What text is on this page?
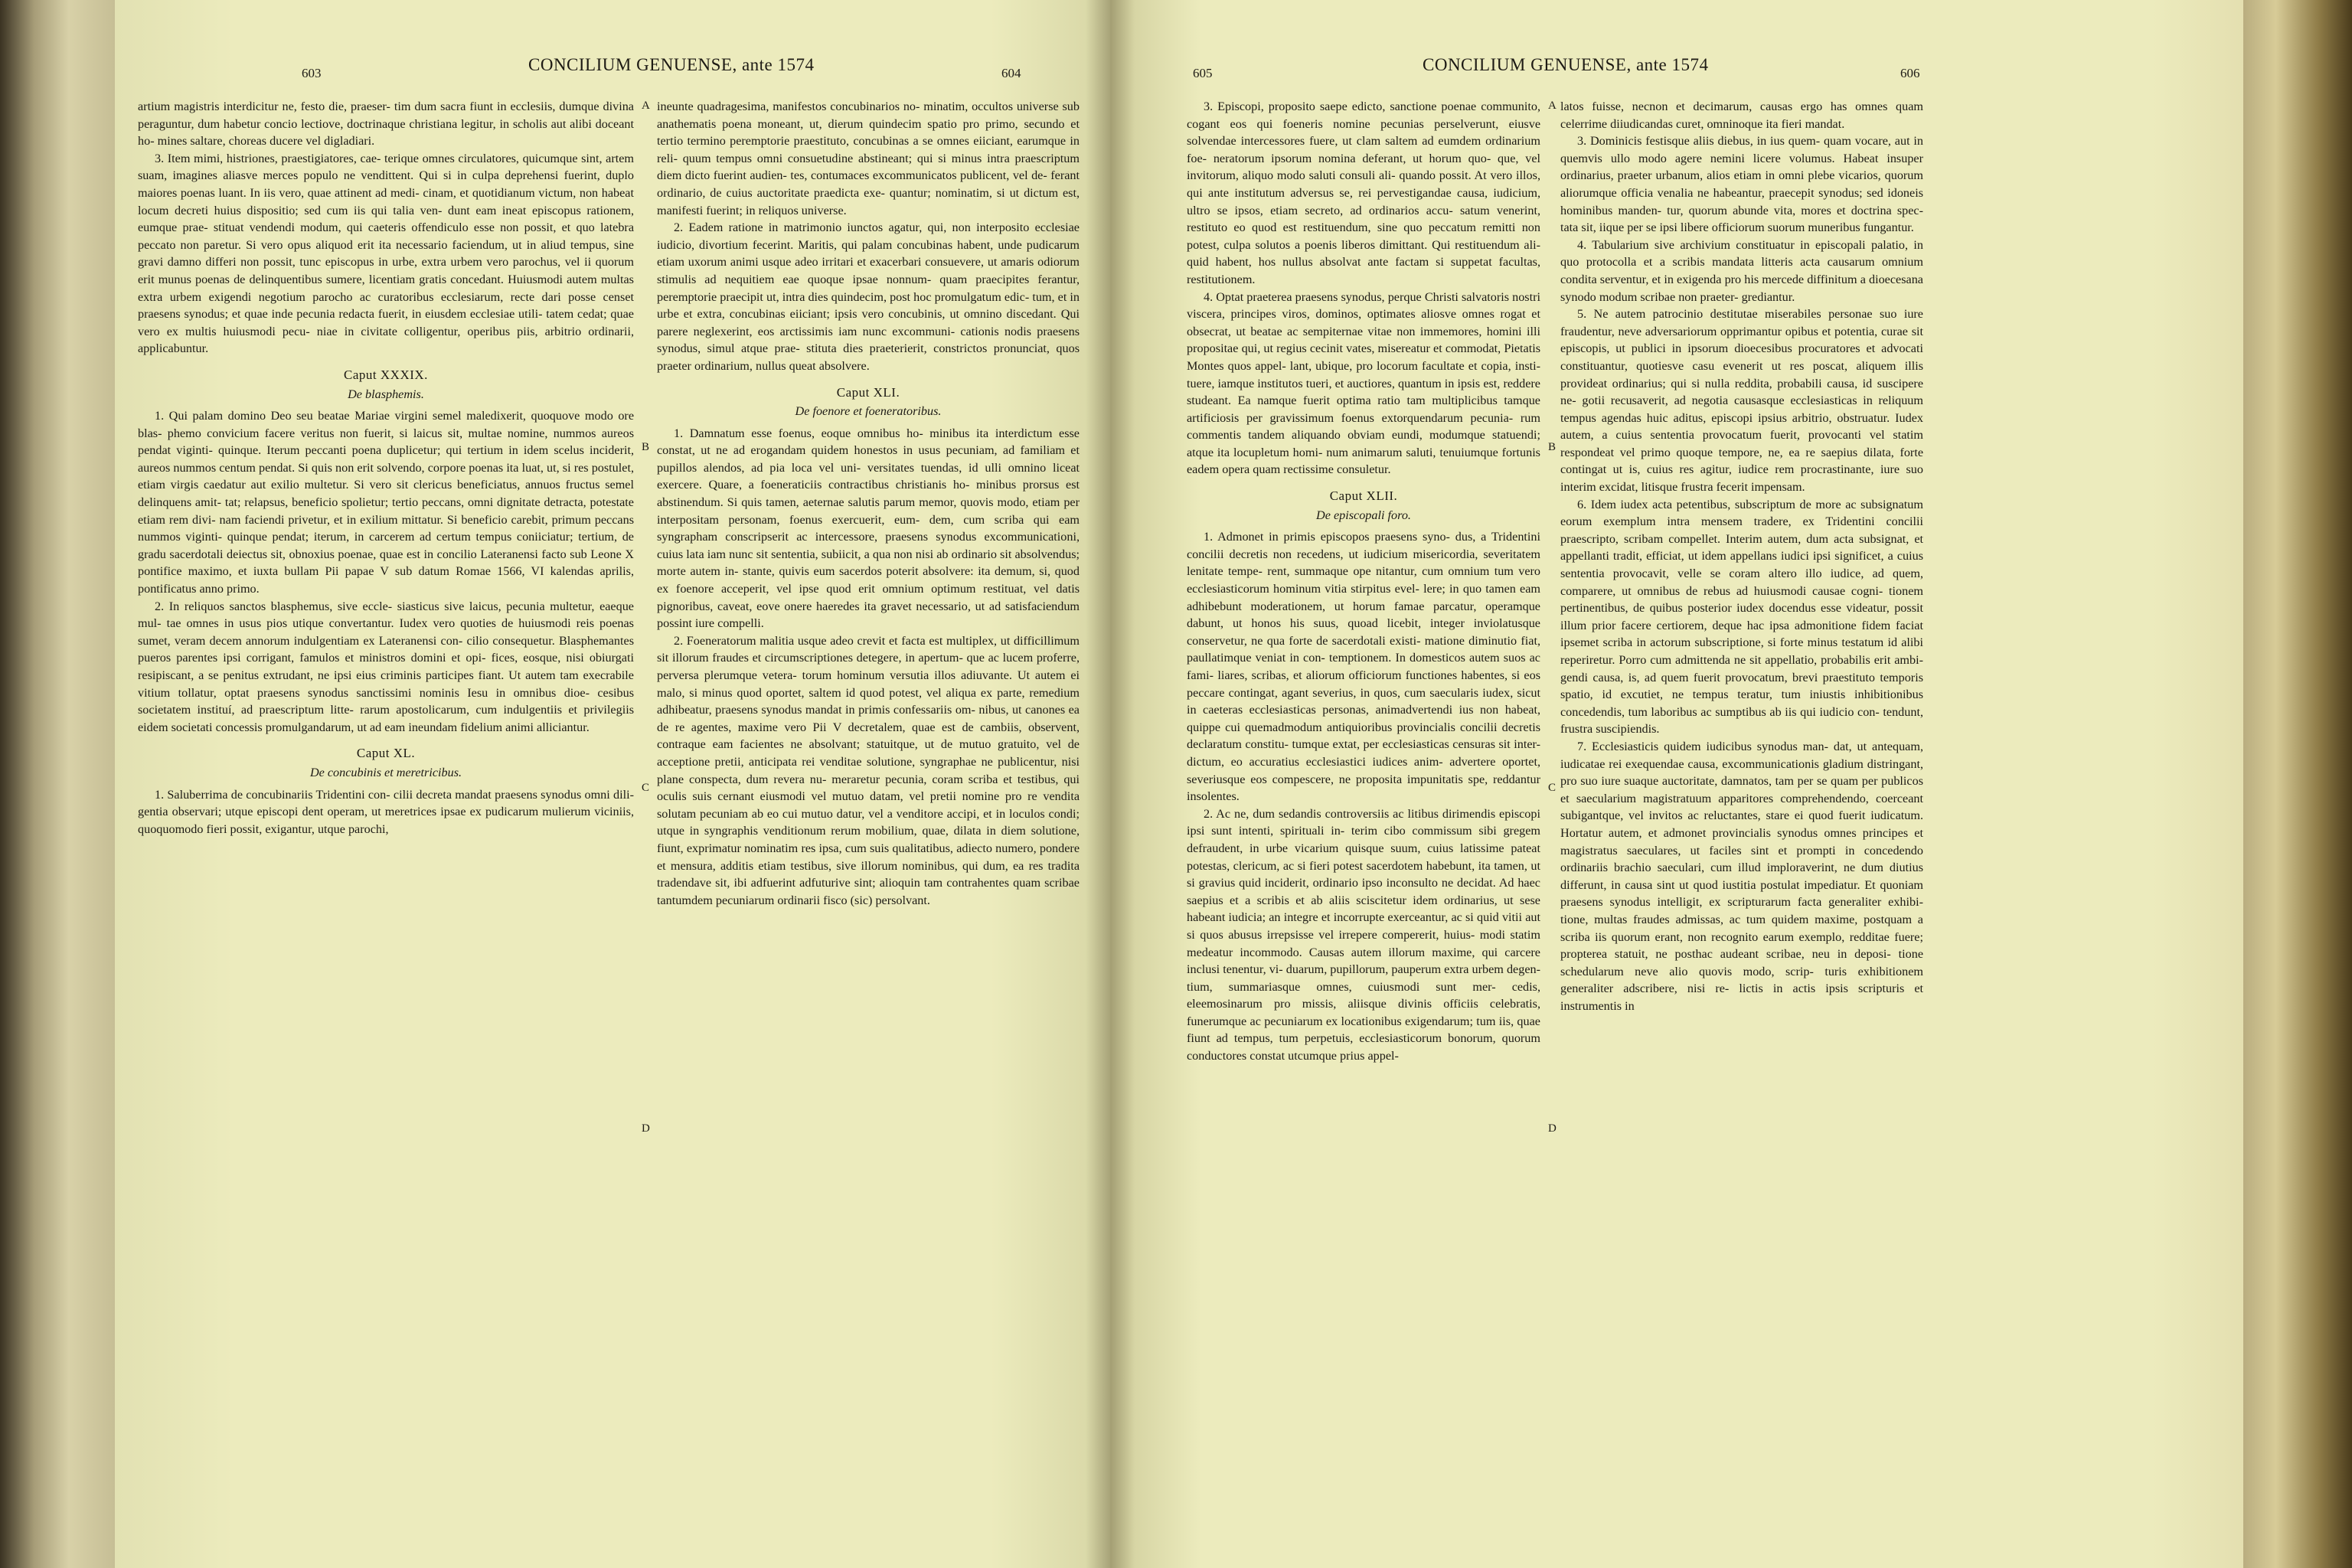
603	CONCILIUM GENUENSE, ante 1574	604
A
B
C
D

artium magistris interdicitur ne, festo die, praeser- tim dum sacra fiunt in ecclesiis, dumque divina peraguntur, dum habetur concio lectiove, doctrinaque christiana legitur, in scholis aut alibi doceant ho- mines saltare, choreas ducere vel digladiari.

3. Item mimi, histriones, praestigiatores, cae- terique omnes circulatores, quicumque sint, artem suam, imagines aliasve merces populo ne vendittent. Qui si in culpa deprehensi fuerint, duplo maiores poenas luant. In iis vero, quae attinent ad medi- cinam, et quotidianum victum, non habeat locum decreti huius dispositio; sed cum iis qui talia ven- dunt eam ineat episcopus rationem, eumque prae- stituat vendendi modum, qui caeteris offendiculo esse non possit, et quo latebra peccato non paretur. Si vero opus aliquod erit ita necessario faciendum, ut in aliud tempus, sine gravi damno differi non possit, tunc episcopus in urbe, extra urbem vero parochus, vel ii quorum erit munus poenas de delinquentibus sumere, licentiam gratis concedant. Huiusmodi autem multas extra urbem exigendi negotium parocho ac curatoribus ecclesiarum, recte dari posse censet praesens synodus; et quae inde pecunia redacta fuerit, in eiusdem ecclesiae utili- tatem cedat; quae vero ex multis huiusmodi pecu- niae in civitate colligentur, operibus piis, arbitrio ordinarii, applicabuntur.

Caput XXXIX.
De blasphemis.

1. Qui palam domino Deo seu beatae Mariae virgini semel maledixerit, quoquove modo ore blas- phemo convicium facere veritus non fuerit, si laicus sit, multae nomine, nummos aureos pendat viginti- quinque. Iterum peccanti poena duplicetur; qui tertium in idem scelus inciderit, aureos nummos centum pendat. Si quis non erit solvendo, corpore poenas ita luat, ut, si res postulet, etiam virgis caedatur aut exilio multetur. Si vero sit clericus beneficiatus, annuos fructus semel delinquens amit- tat; relapsus, beneficio spolietur; tertio peccans, omni dignitate detracta, potestate etiam rem divi- nam faciendi privetur, et in exilium mittatur. Si beneficio carebit, primum peccans nummos viginti- quinque pendat; iterum, in carcerem ad certum tempus coniiciatur; tertium, de gradu sacerdotali deiectus sit, obnoxius poenae, quae est in concilio Lateranensi facto sub Leone X pontifice maximo, et iuxta bullam Pii papae V sub datum Romae 1566, VI kalendas aprilis, pontificatus anno primo.

2. In reliquos sanctos blasphemus, sive eccle- siasticus sive laicus, pecunia multetur, eaeque mul- tae omnes in usus pios utique convertantur. Iudex vero quoties de huiusmodi reis poenas sumet, veram decem annorum indulgentiam ex Lateranensi con- cilio consequetur. Blasphemantes pueros parentes ipsi corrigant, famulos et ministros domini et opi- fices, eosque, nisi obiurgati resipiscant, a se penitus extrudant, ne ipsi eius criminis participes fiant. Ut autem tam execrabile vitium tollatur, optat praesens synodus sanctissimi nominis Iesu in omnibus dioe- cesibus societatem instituí, ad praescriptum litte- rarum apostolicarum, cum indulgentiis et privilegiis eidem societati concessis promulgandarum, ut ad eam ineundam fidelium animi alliciantur.

Caput XL.
De concubinis et meretricibus.

1. Saluberrima de concubinariis Tridentini con- cilii decreta mandat praesens synodus omni dili- gentia observari; utque episcopi dent operam, ut meretrices ipsae ex pudicarum mulierum viciniis, quoquomodo fieri possit, exigantur, utque parochi,

ineunte quadragesima, manifestos concubinarios no- minatim, occultos universe sub anathematis poena moneant, ut, dierum quindecim spatio pro primo, secundo et tertio termino peremptorie praestituto, concubinas a se omnes eiiciant, earumque in reli- quum tempus omni consuetudine abstineant; qui si minus intra praescriptum diem dicto fuerint audien- tes, contumaces excommunicatos publicent, vel de- ferant ordinario, de cuius auctoritate praedicta exe- quantur; nominatim, si ut dictum est, manifesti fuerint; in reliquos universe.

2. Eadem ratione in matrimonio iunctos agatur, qui, non interposito ecclesiae iudicio, divortium fecerint. Maritis, qui palam concubinas habent, unde pudicarum etiam uxorum animi usque adeo irritari et exacerbari consuevere, ut amaris odiorum stimulis ad nequitiem eae quoque ipsae nonnum- quam praecipites ferantur, peremptorie praecipit ut, intra dies quindecim, post hoc promulgatum edic- tum, et in urbe et extra, concubinas eiiciant; ipsis vero concubinis, ut omnino discedant. Qui parere neglexerint, eos arctissimis iam nunc excommuni- cationis nodis praesens synodus, simul atque prae- stituta dies praeterierit, constrictos pronunciat, quos praeter ordinarium, nullus queat absolvere.

Caput XLI.
De foenore et foeneratoribus.

1. Damnatum esse foenus, eoque omnibus ho- minibus ita interdictum esse constat, ut ne ad erogandam quidem honestos in usus pecuniam, ad familiam et pupillos alendos, ad pia loca vel uni- versitates tuendas, id ulli omnino liceat exercere. Quare, a foeneraticiis contractibus christianis ho- minibus prorsus est abstinendum. Si quis tamen, aeternae salutis parum memor, quovis modo, etiam per interpositam personam, foenus exercuerit, eum- dem, cum scriba qui eam syngrapham conscripserit ac intercessore, praesens synodus excommunicationi, cuius lata iam nunc sit sententia, subiicit, a qua non nisi ab ordinario sit absolvendus; morte autem in- stante, quivis eum sacerdos poterit absolvere: ita demum, si, quod ex foenore acceperit, vel ipse quod erit omnium optimum restituat, vel datis pignoribus, caveat, eove onere haeredes ita gravet necessario, ut ad satisfaciendum possint iure compelli.

2. Foeneratorum malitia usque adeo crevit et facta est multiplex, ut difficillimum sit illorum fraudes et circumscriptiones detegere, in apertum- que ac lucem proferre, perversa plerumque vetera- torum hominum versutia illos adiuvante. Ut autem ei malo, si minus quod oportet, saltem id quod potest, vel aliqua ex parte, remedium adhibeatur, praesens synodus mandat in primis confessariis om- nibus, ut canones ea de re agentes, maxime vero Pii V decretalem, quae est de cambiis, observent, contraque eam facientes ne absolvant; statuitque, ut de mutuo gratuito, vel de acceptione pretii, anticipata rei venditae solutione, syngraphae ne publicentur, nisi plane conspecta, dum revera nu- meraretur pecunia, coram scriba et testibus, qui oculis suis cernant eiusmodi vel mutuo datam, vel pretii nomine pro re vendita solutam pecuniam ab eo cui mutuo datur, vel a venditore accipi, et in loculos condi; utque in syngraphis venditionum rerum mobilium, quae, dilata in diem solutione, fiunt, exprimatur nominatim res ipsa, cum suis qualitatibus, adiecto numero, pondere et mensura, additis etiam testibus, sive illorum nominibus, qui dum, ea res tradita tradendave sit, ibi adfuerint adfuturive sint; alioquin tam contrahentes quam scribae tantumdem pecuniarum ordinarii fisco (sic) persolvant.

605	CONCILIUM GENUENSE, ante 1574	606
A
B
C
D

3. Episcopi, proposito saepe edicto, sanctione poenae communito, cogant eos qui foeneris nomine pecunias perselverunt, eiusve solvendae intercessores fuere, ut clam saltem ad eumdem ordinarium foe- neratorum ipsorum nomina deferant, ut horum quo- que, vel invitorum, aliquo modo saluti consuli ali- quando possit. At vero illos, qui ante institutum adversus se, rei pervestigandae causa, iudicium, ultro se ipsos, etiam secreto, ad ordinarios accu- satum venerint, restituto eo quod est restituendum, sine quo peccatum remitti non potest, culpa solutos a poenis liberos dimittant. Qui restituendum ali- quid habent, hos nullus absolvat ante factam si suppetat facultas, restitutionem.

4. Optat praeterea praesens synodus, perque Christi salvatoris nostri viscera, principes viros, dominos, optimates aliosve omnes rogat et obsecrat, ut beatae ac sempiternae vitae non immemores, homini illi propositae qui, ut regius cecinit vates, misereatur et commodat, Pietatis Montes quos appel- lant, ubique, pro locorum facultate et copia, insti- tuere, iamque institutos tueri, et auctiores, quantum in ipsis est, reddere studeant. Ea namque fuerit optima ratio tam multiplicibus tamque artificiosis per gravissimum foenus extorquendarum pecunia- rum commentis tandem aliquando obviam eundi, modumque statuendi; atque ita locupletum homi- num animarum saluti, tenuiumque fortunis eadem opera quam rectissime consuletur.

Caput XLII.
De episcopali foro.

1. Admonet in primis episcopos praesens syno- dus, a Tridentini concilii decretis non recedens, ut iudicium misericordia, severitatem lenitate tempe- rent, summaque ope nitantur, cum omnium tum vero ecclesiasticorum hominum vitia stirpitus evel- lere; in quo tamen eam adhibebunt moderationem, ut horum famae parcatur, operamque dabunt, ut honos his suus, quoad licebit, integer inviolatusque conservetur, ne qua forte de sacerdotali existi- matione diminutio fiat, paullatimque veniat in con- temptionem. In domesticos autem suos ac fami- liares, scribas, et aliorum officiorum functiones habentes, si eos peccare contingat, agant severius, in quos, cum saecularis iudex, sicut in caeteras ecclesiasticas personas, animadvertendi ius non habeat, quippe cui quemadmodum antiquioribus provincialis concilii decretis declaratum constitu- tumque extat, per ecclesiasticas censuras sit inter- dictum, eo accuratius ecclesiastici iudices anim- advertere oportet, severiusque eos compescere, ne proposita impunitatis spe, reddantur insolentes.

2. Ac ne, dum sedandis controversiis ac litibus dirimendis episcopi ipsi sunt intenti, spirituali in- terim cibo commissum sibi gregem defraudent, in urbe vicarium quisque suum, cuius latissime pateat potestas, clericum, ac si fieri potest sacerdotem habebunt, ita tamen, ut si gravius quid inciderit, ordinario ipso inconsulto ne decidat. Ad haec saepius et a scribis et ab aliis sciscitetur idem ordinarius, ut sese habeant iudicia; an integre et incorrupte exerceantur, ac si quid vitii aut si quos abusus irrepsisse vel irrepere compererit, huius- modi statim medeatur incommodo. Causas autem illorum maxime, qui carcere inclusi tenentur, vi- duarum, pupillorum, pauperum extra urbem degen- tium, summariasque omnes, cuiusmodi sunt mer- cedis, eleemosinarum pro missis, aliisque divinis officiis celebratis, funerumque ac pecuniarum ex locationibus exigendarum; tum iis, quae fiunt ad tempus, tum perpetuis, ecclesiasticorum bonorum, quorum conductores constat utcumque prius appel-

latos fuisse, necnon et decimarum, causas ergo has omnes quam celerrime diiudicandas curet, omninoque ita fieri mandat.

3. Dominicis festisque aliis diebus, in ius quem- quam vocare, aut in quemvis ullo modo agere nemini licere volumus. Habeat insuper ordinarius, praeter urbanum, alios etiam in omni plebe vicarios, quorum aliorumque officia venalia ne habeantur, praecepit synodus; sed idoneis hominibus manden- tur, quorum abunde vita, mores et doctrina spec- tata sit, iique per se ipsi libere officiorum suorum muneribus fungantur.

4. Tabularium sive archivium constituatur in episcopali palatio, in quo protocolla et a scribis mandata litteris acta causarum omnium condita serventur, et in exigenda pro his mercede diffinitum a dioecesana synodo modum scribae non praeter- grediantur.

5. Ne autem patrocinio destitutae miserabiles personae suo iure fraudentur, neve adversariorum opprimantur opibus et potentia, curae sit episcopis, ut publici in ipsorum dioecesibus procuratores et advocati constituantur, quotiesve casu evenerit ut res poscat, aliquem illis provideat ordinarius; qui si nulla reddita, probabili causa, id suscipere ne- gotii recusaverit, ad negotia causasque ecclesiasticas in reliquum tempus agendas huic aditus, episcopi ipsius arbitrio, obstruatur. Iudex autem, a cuius sententia provocatum fuerit, provocanti vel statim respondeat vel primo quoque tempore, ne, ea re saepius dilata, forte contingat ut is, cuius res agitur, iudice rem procrastinante, iure suo interim excidat, litisque frustra fecerit impensam.

6. Idem iudex acta petentibus, subscriptum de more ac subsignatum eorum exemplum intra mensem tradere, ex Tridentini concilii praescripto, scribam compellet. Interim autem, dum acta subsignat, et appellanti tradit, efficiat, ut idem appellans iudici ipsi significet, a cuius sententia provocavit, velle se coram altero illo iudice, ad quem, comparere, ut omnibus de rebus ad huiusmodi causae cogni- tionem pertinentibus, de quibus posterior iudex docendus esse videatur, possit illum prior facere certiorem, deque hac ipsa admonitione fidem faciat ipsemet scriba in actorum subscriptione, si forte minus testatum id alibi reperiretur. Porro cum admittenda ne sit appellatio, probabilis erit ambi- gendi causa, is, ad quem fuerit provocatum, brevi praestituto temporis spatio, id excutiet, ne tempus teratur, tum iniustis inhibitionibus concedendis, tum laboribus ac sumptibus ab iis qui iudicio con- tendunt, frustra suscipiendis.

7. Ecclesiasticis quidem iudicibus synodus man- dat, ut antequam, iudicatae rei exequendae causa, excommunicationis gladium distringant, pro suo iure suaque auctoritate, damnatos, tam per se quam per publicos et saecularium magistratuum apparitores comprehendendo, coerceant subigantque, vel invitos ac reluctantes, stare ei quod fuerit iudicatum. Hortatur autem, et admonet provincialis synodus omnes principes et magistratus saeculares, ut faciles sint et prompti in concedendo ordinariis brachio saeculari, cum illud imploraverint, ne dum diutius differunt, in causa sint ut quod iustitia postulat impediatur. Et quoniam praesens synodus intelligit, ex scripturarum facta generaliter exhibi- tione, multas fraudes admissas, ac tum quidem maxime, postquam a scriba iis quorum erant, non recognito earum exemplo, redditae fuere; propterea statuit, ne posthac audeant scribae, neu in deposi- tione schedularum neve alio quovis modo, scrip- turis exhibitionem generaliter adscribere, nisi re- lictis in actis ipsis scripturis et instrumentis in
